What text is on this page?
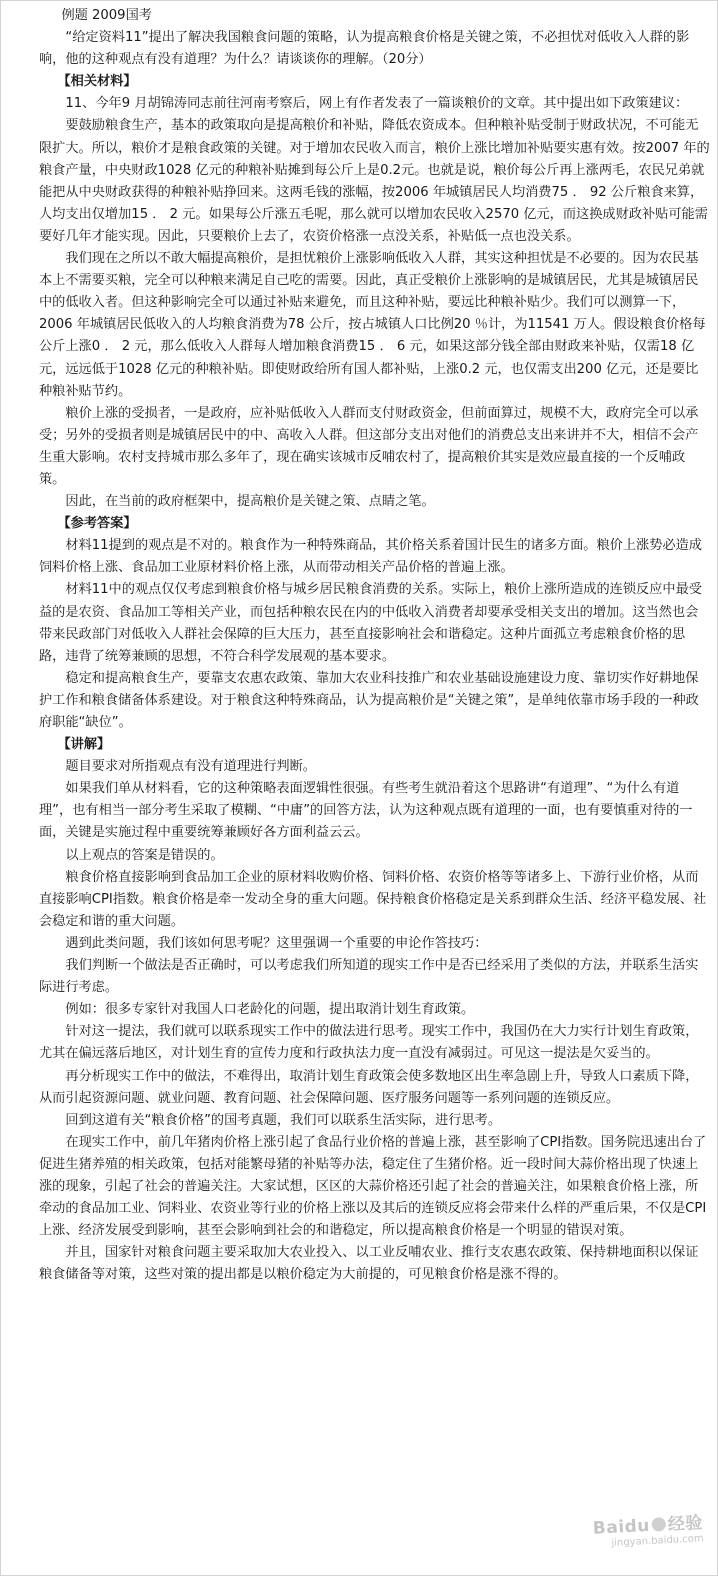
例题 2009国考

“给定资料11”提出了解决我国粮食问题的策略，认为提高粮食价格是关键之策，不必担忧对低收入人群的影响，他的这种观点有没有道理？为什么？请谈谈你的理解。（20分）

【相关材料】

11、今年9 月胡锦涛同志前往河南考察后，网上有作者发表了一篇谈粮价的文章。其中提出如下政策建议：

要鼓励粮食生产，基本的政策取向是提高粮价和补贴，降低农资成本。但种粮补贴受制于财政状况，不可能无限扩大。所以，粮价才是粮食政策的关键。对于增加农民收入而言，粮价上涨比增加补贴要实惠有效。按2007 年的粮食产量，中央财政1028 亿元的种粮补贴摊到每公斤上是0.2元。也就是说，粮价每公斤再上涨两毛，农民兄弟就能把从中央财政获得的种粮补贴挣回来。这两毛钱的涨幅，按2006 年城镇居民人均消费75 ． 92 公斤粮食来算，人均支出仅增加15 ． 2 元。如果每公斤涨五毛呢，那么就可以增加农民收入2570 亿元，而这换成财政补贴可能需要好几年才能实现。因此，只要粮价上去了，农资价格涨一点没关系，补贴低一点也没关系。

我们现在之所以不敢大幅提高粮价，是担忧粮价上涨影响低收入人群，其实这种担忧是不必要的。因为农民基本上不需要买粮，完全可以种粮来满足自己吃的需要。因此，真正受粮价上涨影响的是城镇居民，尤其是城镇居民中的低收入者。但这种影响完全可以通过补贴来避免，而且这种补贴，要远比种粮补贴少。我们可以测算一下，2006 年城镇居民低收入的人均粮食消费为78 公斤，按占城镇人口比例20 ％计，为11541 万人。假设粮食价格每公斤上涨0 ． 2 元，那么低收入人群每人增加粮食消费15 ． 6 元，如果这部分钱全部由财政来补贴，仅需18 亿元，远远低于1028 亿元的种粮补贴。即使财政给所有国人都补贴，上涨0.2 元，也仅需支出200 亿元，还是要比种粮补贴节约。

粮价上涨的受损者，一是政府，应补贴低收入人群而支付财政资金，但前面算过，规模不大，政府完全可以承受；另外的受损者则是城镇居民中的中、高收入人群。但这部分支出对他们的消费总支出来讲并不大，相信不会产生重大影响。农村支持城市那么多年了，现在确实该城市反哺农村了，提高粮价其实是效应最直接的一个反哺政策。

因此，在当前的政府框架中，提高粮价是关键之策、点睛之笔。

【参考答案】

材料11提到的观点是不对的。粮食作为一种特殊商品，其价格关系着国计民生的诸多方面。粮价上涨势必造成饲料价格上涨、食品加工业原材料价格上涨，从而带动相关产品价格的普遍上涨。

材料11中的观点仅仅考虑到粮食价格与城乡居民粮食消费的关系。实际上，粮价上涨所造成的连锁反应中最受益的是农资、食品加工等相关产业，而包括种粮农民在内的中低收入消费者却要承受相关支出的增加。这当然也会带来民政部门对低收入人群社会保障的巨大压力，甚至直接影响社会和谐稳定。这种片面孤立考虑粮食价格的思路，违背了统筹兼顾的思想，不符合科学发展观的基本要求。

稳定和提高粮食生产，要靠支农惠农政策、靠加大农业科技推广和农业基础设施建设力度、靠切实作好耕地保护工作和粮食储备体系建设。对于粮食这种特殊商品，认为提高粮价是“关键之策”，是单纯依靠市场手段的一种政府职能“缺位”。

【讲解】

题目要求对所指观点有没有道理进行判断。

如果我们单从材料看，它的这种策略表面逻辑性很强。有些考生就沿着这个思路讲“有道理”、“为什么有道理”，也有相当一部分考生采取了模糊、“中庸”的回答方法，认为这种观点既有道理的一面，也有要慎重对待的一面，关键是实施过程中重要统筹兼顾好各方面利益云云。

以上观点的答案是错误的。

粮食价格直接影响到食品加工企业的原材料收购价格、饲料价格、农资价格等等诸多上、下游行业价格，从而直接影响CPI指数。粮食价格是牵一发动全身的重大问题。保持粮食价格稳定是关系到群众生活、经济平稳发展、社会稳定和谐的重大问题。

遇到此类问题，我们该如何思考呢？这里强调一个重要的申论作答技巧：

我们判断一个做法是否正确时，可以考虑我们所知道的现实工作中是否已经采用了类似的方法，并联系生活实际进行考虑。

例如：很多专家针对我国人口老龄化的问题，提出取消计划生育政策。

针对这一提法，我们就可以联系现实工作中的做法进行思考。现实工作中，我国仍在大力实行计划生育政策，尤其在偏远落后地区，对计划生育的宣传力度和行政执法力度一直没有减弱过。可见这一提法是欠妥当的。

再分析现实工作中的做法，不难得出，取消计划生育政策会使多数地区出生率急剧上升，导致人口素质下降，从而引起资源问题、就业问题、教育问题、社会保障问题、医疗服务问题等一系列问题的连锁反应。

回到这道有关“粮食价格”的国考真题，我们可以联系生活实际，进行思考。

在现实工作中，前几年猪肉价格上涨引起了食品行业价格的普遍上涨，甚至影响了CPI指数。国务院迅速出台了促进生猪养殖的相关政策，包括对能繁母猪的补贴等办法，稳定住了生猪价格。近一段时间大蒜价格出现了快速上涨的现象，引起了社会的普遍关注。大家试想，区区的大蒜价格还引起了社会的普遍关注，如果粮食价格上涨，所牵动的食品加工业、饲料业、农资业等行业的价格上涨以及其后的连锁反应将会带来什么样的严重后果，不仅是CPI上涨、经济发展受到影响，甚至会影响到社会的和谐稳定，所以提高粮食价格是一个明显的错误对策。

并且，国家针对粮食问题主要采取加大农业投入、以工业反哺农业、推行支农惠农政策、保持耕地面积以保证粮食储备等对策，这些对策的提出都是以粮价稳定为大前提的，可见粮食价格是涨不得的。

Baidu 经验
jingyan.baidu.com
